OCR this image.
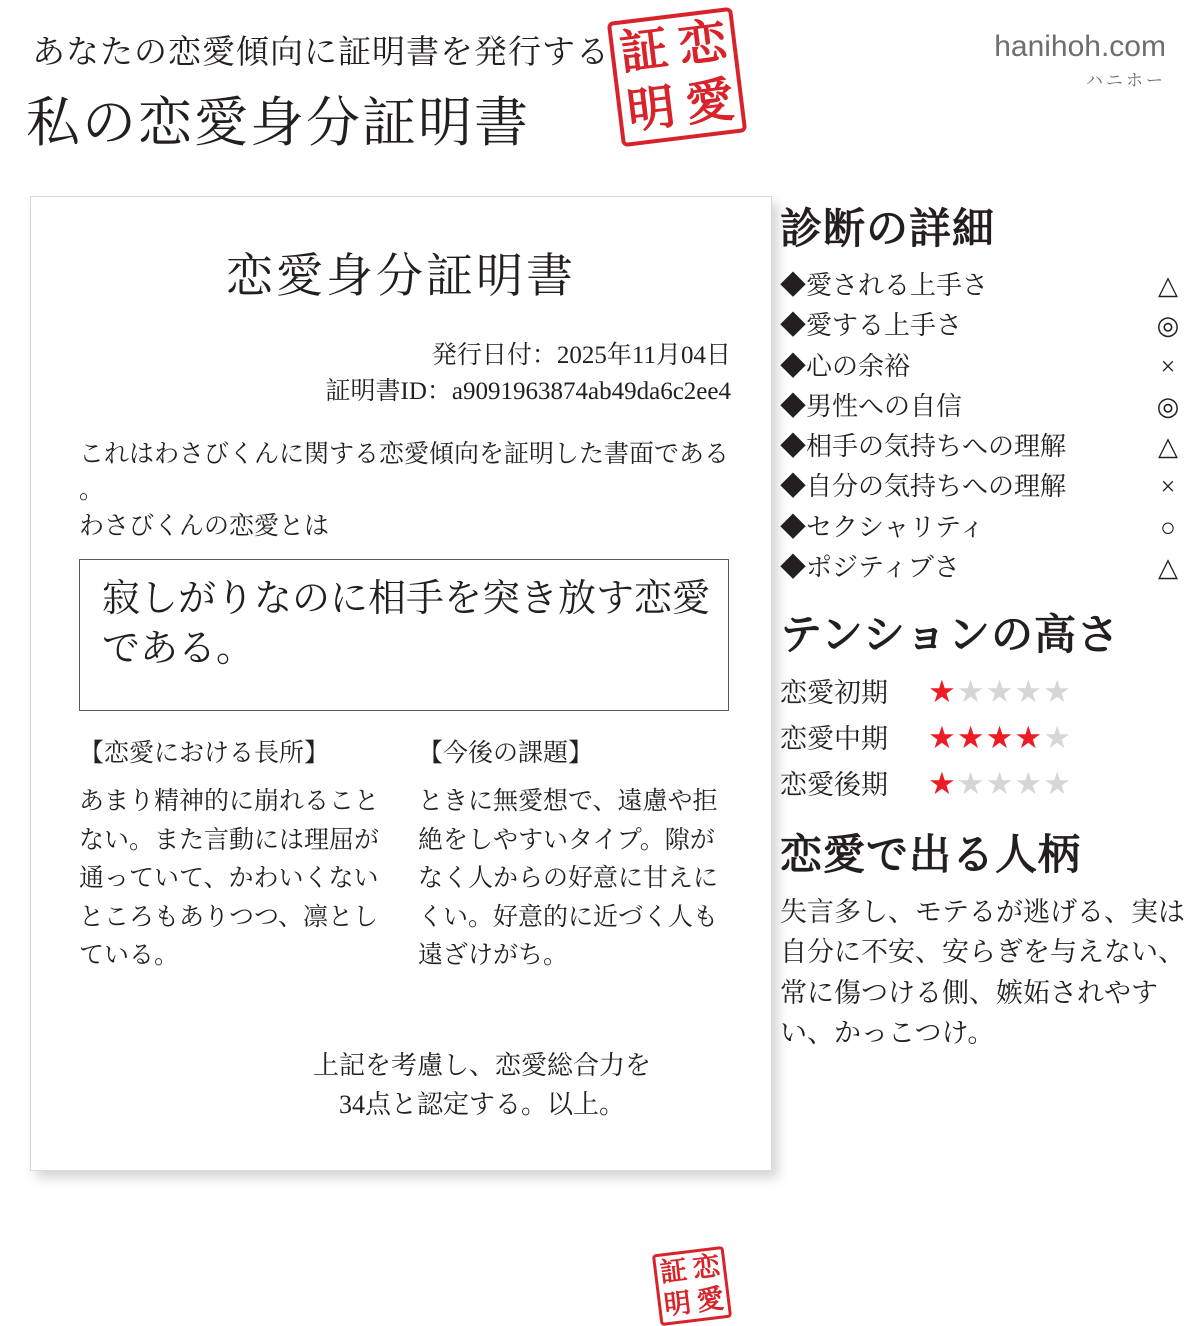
あなたの恋愛傾向に証明書を発行する
私の恋愛身分証明書
証 恋
明 愛
hanihoh.com
ハニホー
恋愛身分証明書
発行日付：2025年11月04日
証明書ID：a9091963874ab49da6c2ee4

これはわさびくんに関する恋愛傾向を証明した書面である

。

わさびくんの恋愛とは

寂しがりなのに相手を突き放す恋愛である。
【恋愛における長所】
あまり精神的に崩れることない。また言動には理屈が通っていて、かわいくないところもありつつ、凛としている。
【今後の課題】
ときに無愛想で、遠慮や拒絶をしやすいタイプ。隙がなく人からの好意に甘えにくい。好意的に近づく人も遠ざけがち。
上記を考慮し、恋愛総合力を
34点と認定する。以上。
証 恋
明 愛
診断の詳細
◆愛される上手さ	△
◆愛する上手さ	◎
◆心の余裕	×
◆男性への自信	◎
◆相手の気持ちへの理解	△
◆自分の気持ちへの理解	×
◆セクシャリティ	○
◆ポジティブさ	△
テンションの高さ
恋愛初期	★★★★★
恋愛中期	★★★★★
恋愛後期	★★★★★
恋愛で出る人柄
失言多し、モテるが逃げる、実は自分に不安、安らぎを与えない、常に傷つける側、嫉妬されやすい、かっこつけ。
